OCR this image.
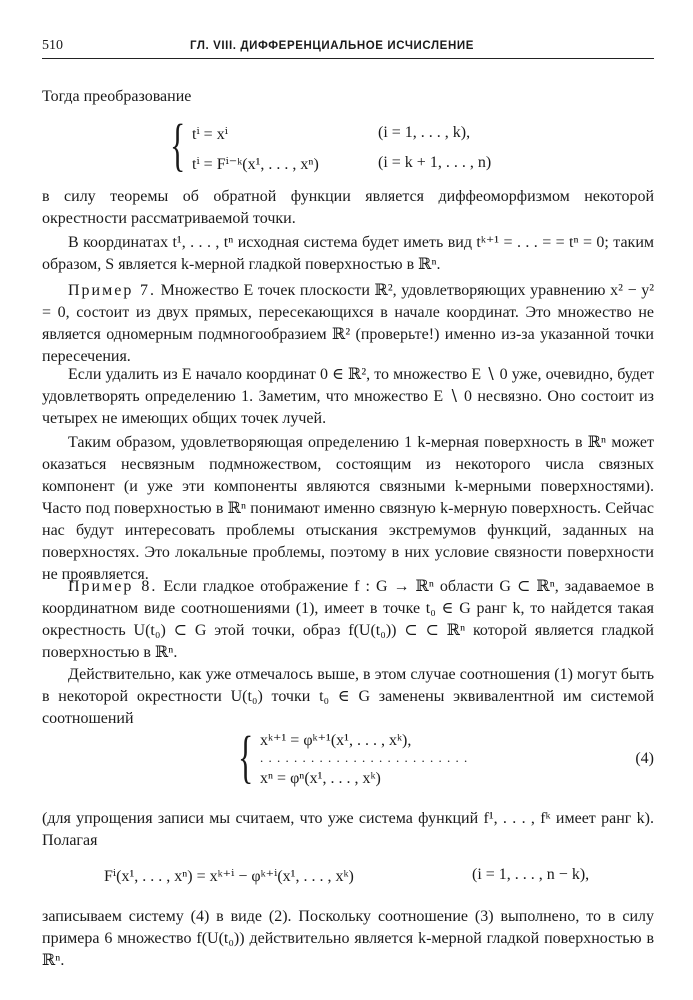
510	ГЛ. VIII. ДИФФЕРЕНЦИАЛЬНОЕ ИСЧИСЛЕНИЕ

Тогда преобразование

{ tⁱ = xⁱ	(i = 1, . . . , k),
tⁱ = Fⁱ⁻ᵏ(x¹, . . . , xⁿ)	(i = k + 1, . . . , n)

в силу теоремы об обратной функции является диффеоморфизмом некоторой окрестности рассматриваемой точки.

В координатах t¹, . . . , tⁿ исходная система будет иметь вид tᵏ⁺¹ = . . . = = tⁿ = 0; таким образом, S является k-мерной гладкой поверхностью в ℝⁿ.

Пример 7. Множество E точек плоскости ℝ², удовлетворяющих уравнению x² − y² = 0, состоит из двух прямых, пересекающихся в начале координат. Это множество не является одномерным подмногообразием ℝ² (проверьте!) именно из-за указанной точки пересечения.

Если удалить из E начало координат 0 ∈ ℝ², то множество E ∖ 0 уже, очевидно, будет удовлетворять определению 1. Заметим, что множество E ∖ 0 несвязно. Оно состоит из четырех не имеющих общих точек лучей.

Таким образом, удовлетворяющая определению 1 k-мерная поверхность в ℝⁿ может оказаться несвязным подмножеством, состоящим из некоторого числа связных компонент (и уже эти компоненты являются связными k-мерными поверхностями). Часто под поверхностью в ℝⁿ понимают именно связную k-мерную поверхность. Сейчас нас будут интересовать проблемы отыскания экстремумов функций, заданных на поверхностях. Это локальные проблемы, поэтому в них условие связности поверхности не проявляется.

Пример 8. Если гладкое отображение f : G → ℝⁿ области G ⊂ ℝⁿ, задаваемое в координатном виде соотношениями (1), имеет в точке t₀ ∈ G ранг k, то найдется такая окрестность U(t₀) ⊂ G этой точки, образ f(U(t₀)) ⊂ ⊂ ℝⁿ которой является гладкой поверхностью в ℝⁿ.

Действительно, как уже отмечалось выше, в этом случае соотношения (1) могут быть в некоторой окрестности U(t₀) точки t₀ ∈ G заменены эквивалентной им системой соотношений

{ xᵏ⁺¹ = φᵏ⁺¹(x¹, . . . , xᵏ),
. . . . . . . . . . . . . . . . . . . . . . . . .
xⁿ = φⁿ(x¹, . . . , xᵏ)
(4)

(для упрощения записи мы считаем, что уже система функций f¹, . . . , fᵏ имеет ранг k). Полагая

Fⁱ(x¹, . . . , xⁿ) = xᵏ⁺ⁱ − φᵏ⁺ⁱ(x¹, . . . , xᵏ)	(i = 1, . . . , n − k),

записываем систему (4) в виде (2). Поскольку соотношение (3) выполнено, то в силу примера 6 множество f(U(t₀)) действительно является k-мерной гладкой поверхностью в ℝⁿ.
